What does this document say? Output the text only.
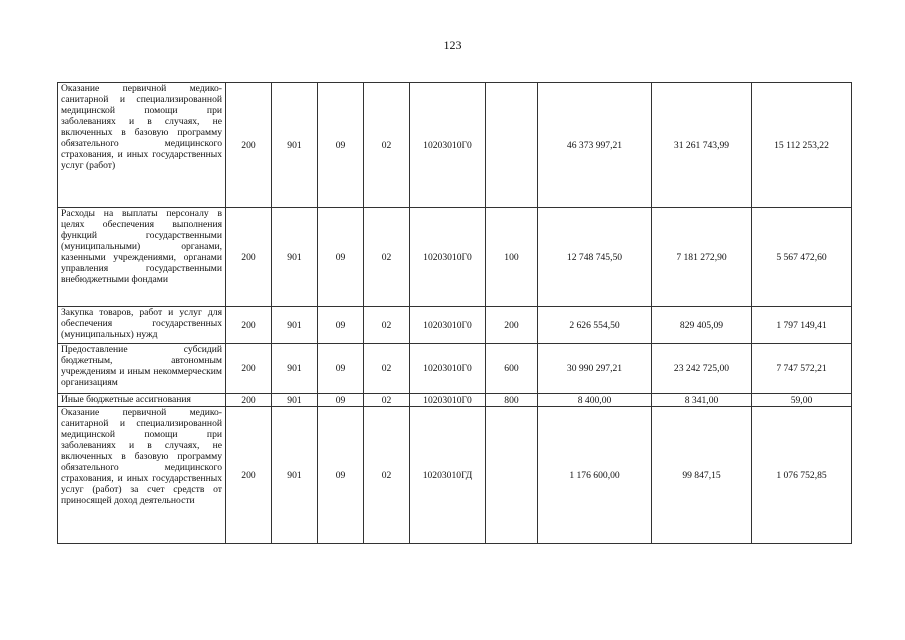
123
Оказание первичной медико-санитарной и специализированной медицинской помощи при заболеваниях и в случаях, не включенных в базовую программу обязательного медицинского страхования, и иных государственных услуг (работ)	200	901	09	02	10203010Г0		46 373 997,21	31 261 743,99	15 112 253,22
Расходы на выплаты персоналу в целях обеспечения выполнения функций государственными (муниципальными) органами, казенными учреждениями, органами управления государственными внебюджетными фондами	200	901	09	02	10203010Г0	100	12 748 745,50	7 181 272,90	5 567 472,60
Закупка товаров, работ и услуг для обеспечения государственных (муниципальных) нужд	200	901	09	02	10203010Г0	200	2 626 554,50	829 405,09	1 797 149,41
Предоставление субсидий бюджетным, автономным учреждениям и иным некоммерческим организациям	200	901	09	02	10203010Г0	600	30 990 297,21	23 242 725,00	7 747 572,21
Иные бюджетные ассигнования	200	901	09	02	10203010Г0	800	8 400,00	8 341,00	59,00
Оказание первичной медико-санитарной и специализированной медицинской помощи при заболеваниях и в случаях, не включенных в базовую программу обязательного медицинского страхования, и иных государственных услуг (работ) за счет средств от приносящей доход деятельности	200	901	09	02	10203010ГД		1 176 600,00	99 847,15	1 076 752,85
